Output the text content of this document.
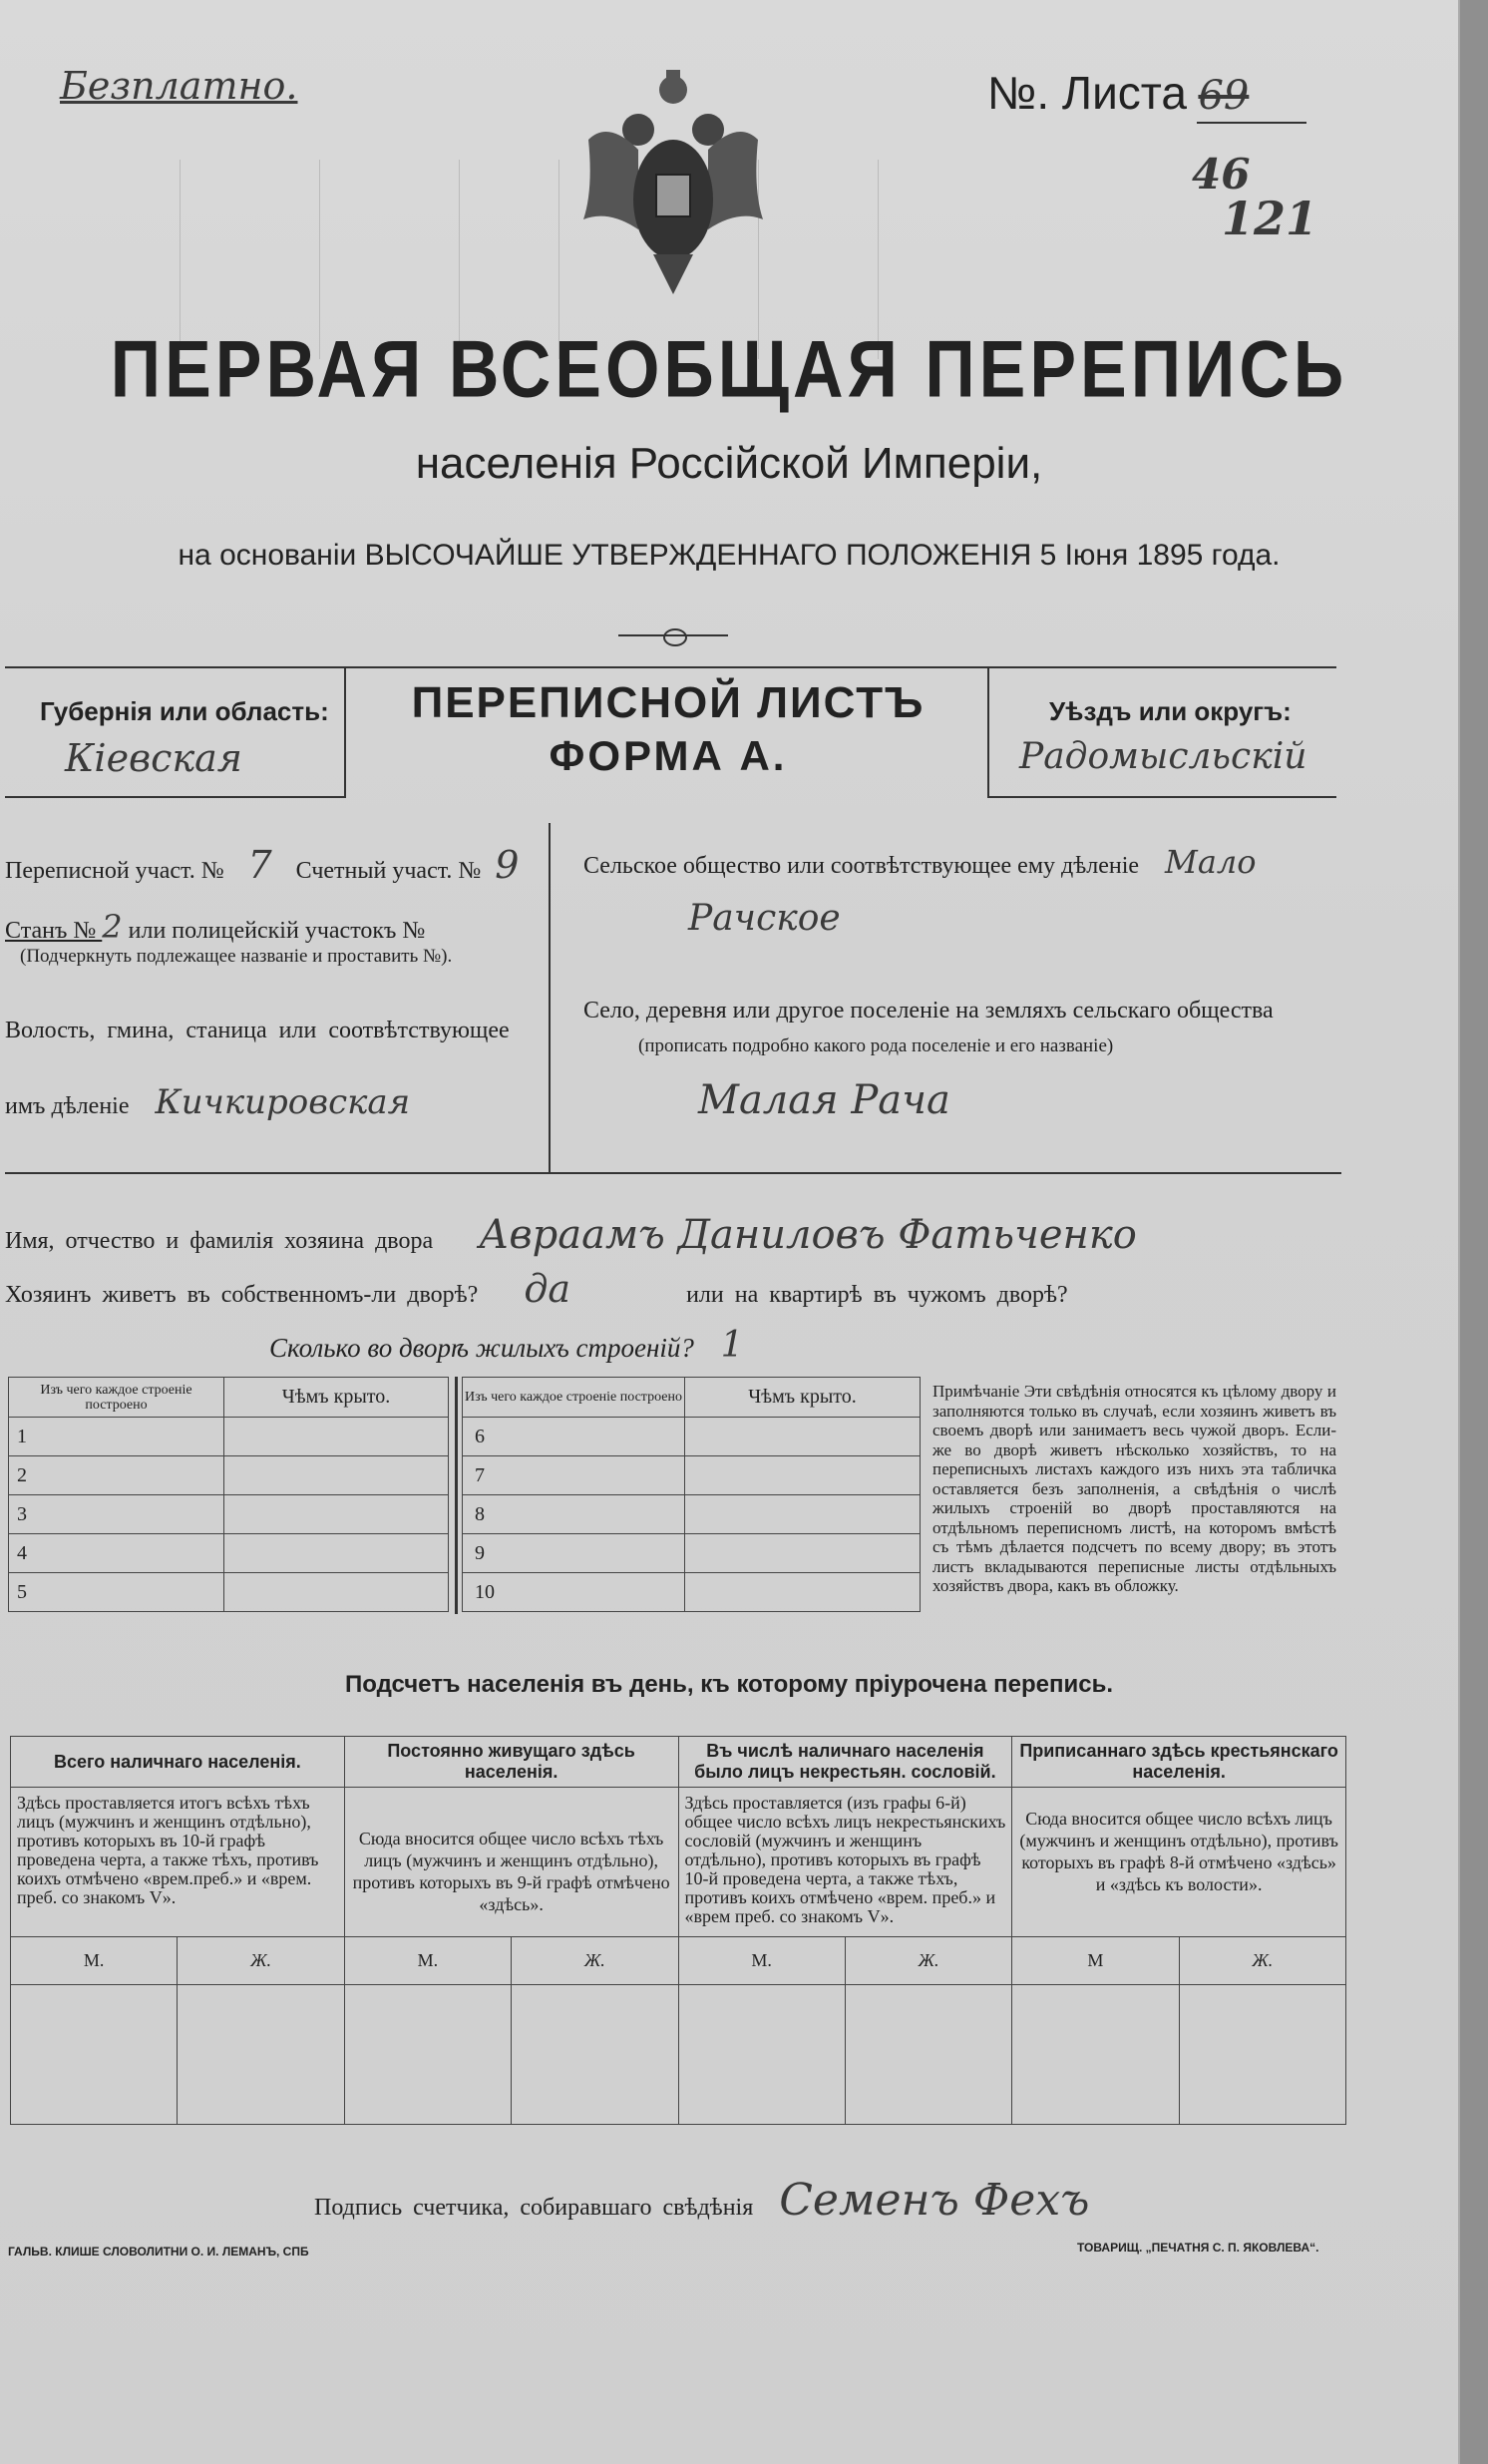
Безплатно.	№. Листа 69
46
121
ПЕРВАЯ ВСЕОБЩАЯ ПЕРЕПИСЬ
населенія Россійской Имперіи,
на основаніи ВЫСОЧАЙШЕ УТВЕРЖДЕННАГО ПОЛОЖЕНІЯ 5 Іюня 1895 года.
Губернія или область:
Кіевская
ПЕРЕПИСНОЙ ЛИСТЪ
ФОРМА А.
Уѣздъ или округъ:
Радомысльскій
Переписной участ. № 7 Счетный участ. № 9
Станъ № 2 или полицейскій участокъ №
(Подчеркнуть подлежащее названіе и проставить №).
Волость, гмина, станица или соотвѣтствующее
имъ дѣленіе Кичкировская
Сельское общество или соотвѣтствующее ему дѣленіе Мало
Рачское
Село, деревня или другое поселеніе на земляхъ сельскаго общества
(прописать подробно какого рода поселеніе и его названіе)
Малая Рача
Имя, отчество и фамилія хозяина двора Авраамъ Даниловъ Фатьченко
Хозяинъ живетъ въ собственномъ-ли дворѣ? да	или на квартирѣ въ чужомъ дворѣ?
Сколько во дворѣ жилыхъ строеній? 1
Изъ чего каждое строеніе построено	Чѣмъ крыто.
1	
2	
3	
4	
5	
Изъ чего каждое строеніе построено	Чѣмъ крыто.
6	
7	
8	
9	
10	
Примѣчаніе Эти свѣдѣнія относятся къ цѣлому двору и заполняются только въ случаѣ, если хозяинъ живетъ въ своемъ дворѣ или занимаетъ весь чужой дворъ. Если-же во дворѣ живетъ нѣсколько хозяйствъ, то на переписныхъ листахъ каждого изъ нихъ эта табличка оставляется безъ заполненія, а свѣдѣнія о числѣ жилыхъ строеній во дворѣ проставляются на отдѣльномъ переписномъ листѣ, на которомъ вмѣстѣ съ тѣмъ дѣлается подсчетъ по всему двору; въ этотъ листъ вкладываются переписные листы отдѣльныхъ хозяйствъ двора, какъ въ обложку.
Подсчетъ населенія въ день, къ которому пріурочена перепись.
Всего наличнаго населенія.		Постоянно живущаго здѣсь населенія.		Въ числѣ наличнаго населенія было лицъ некрестьян. сословій.		Приписаннаго здѣсь крестьянскаго населенія.	
Здѣсь проставляется итогъ всѣхъ тѣхъ лицъ (мужчинъ и женщинъ отдѣльно), противъ которыхъ въ 10-й графѣ проведена черта, а также тѣхъ, противъ коихъ отмѣчено «врем.преб.» и «врем. преб. со знакомъ V».		Сюда вносится общее число всѣхъ тѣхъ лицъ (мужчинъ и женщинъ отдѣльно), противъ которыхъ въ 9-й графѣ отмѣчено «здѣсь».		Здѣсь проставляется (изъ графы 6-й) общее число всѣхъ лицъ некрестьянскихъ сословій (мужчинъ и женщинъ отдѣльно), противъ которыхъ въ графѣ 10-й проведена черта, а также тѣхъ, противъ коихъ отмѣчено «врем. преб.» и «врем преб. со знакомъ V».		Сюда вносится общее число всѣхъ лицъ (мужчинъ и женщинъ отдѣльно), противъ которыхъ въ графѣ 8-й отмѣчено «здѣсь» и «здѣсь къ волости».	
М.	Ж.	М.	Ж.	М.	Ж.	М	Ж.

Подпись счетчика, собиравшаго свѣдѣнія Семенъ Фехъ
ГАЛЬВ. КЛИШЕ СЛОВОЛИТНИ О. И. ЛЕМАНЪ, СПБ	ТОВАРИЩ. „ПЕЧАТНЯ С. П. ЯКОВЛЕВА“.
